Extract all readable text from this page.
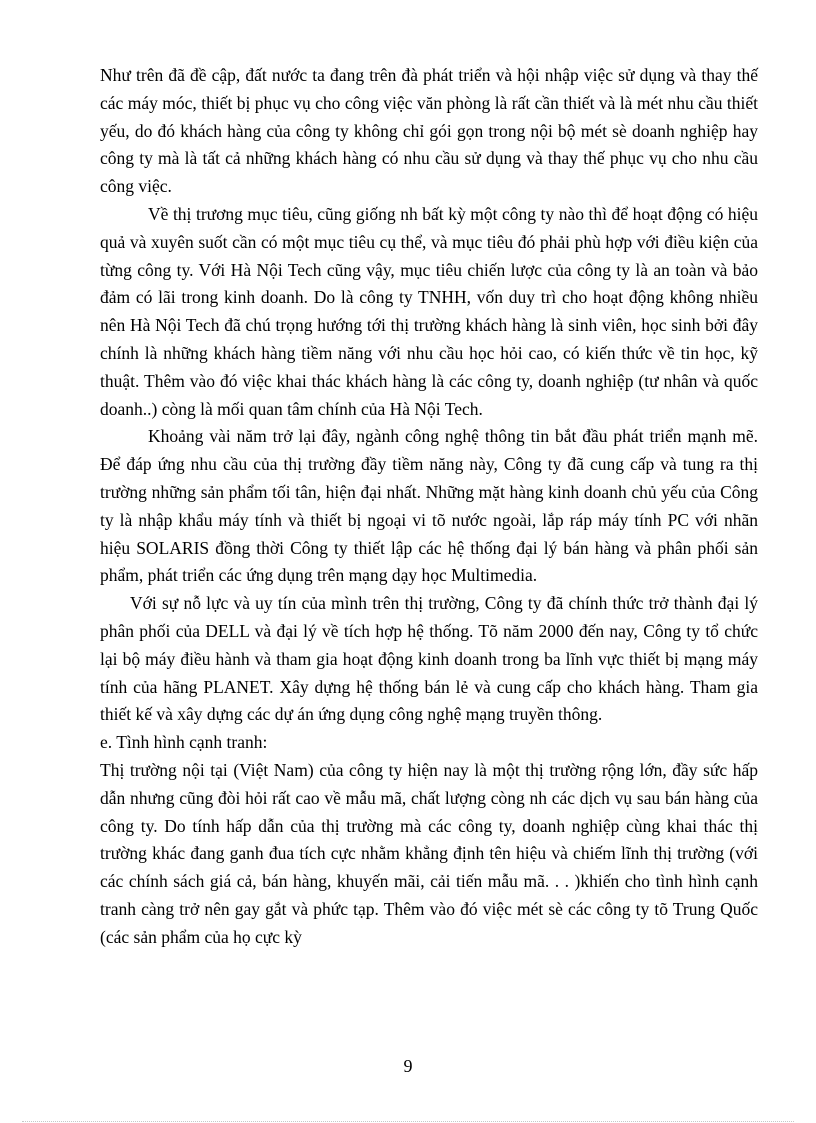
Như trên đã đề cập, đất nước ta đang trên đà phát triển và hội nhập việc sử dụng và thay thế các máy móc, thiết bị phục vụ cho công việc văn phòng là rất cần thiết và là mét nhu cầu thiết yếu, do đó khách hàng của công ty không chỉ gói gọn trong nội bộ mét sè doanh nghiệp hay công ty mà là tất cả những khách hàng có nhu cầu sử dụng và thay thế phục vụ cho nhu cầu công việc.

Về thị trương mục tiêu, cũng giống nh bất kỳ một công ty nào thì để hoạt động có hiệu quả và xuyên suốt cần có một mục tiêu cụ thể, và mục tiêu đó phải phù hợp với điều kiện của từng công ty. Với Hà Nội Tech cũng vậy, mục tiêu chiến lược của công ty là an toàn và bảo đảm có lãi trong kinh doanh. Do là công ty TNHH, vốn duy trì cho hoạt động không nhiều nên Hà Nội Tech đã chú trọng hướng tới thị trường khách hàng là sinh viên, học sinh bởi đây chính là những khách hàng tiềm năng với nhu cầu học hỏi cao, có kiến thức về tin học, kỹ thuật. Thêm vào đó việc khai thác khách hàng là các công ty, doanh nghiệp (tư nhân và quốc doanh..) còng là mối quan tâm chính của Hà Nội Tech.

Khoảng vài năm trở lại đây, ngành công nghệ thông tin bắt đầu phát triển mạnh mẽ. Để đáp ứng nhu cầu của thị trường đầy tiềm năng này, Công ty đã cung cấp và tung ra thị trường những sản phẩm tối tân, hiện đại nhất. Những mặt hàng kinh doanh chủ yếu của Công ty là nhập khẩu máy tính và thiết bị ngoại vi tõ nước ngoài, lắp ráp máy tính PC với nhãn hiệu SOLARIS đồng thời Công ty thiết lập các hệ thống đại lý bán hàng và phân phối sản phẩm, phát triển các ứng dụng trên mạng dạy học Multimedia.

Với sự nỗ lực và uy tín của mình trên thị trường, Công ty đã chính thức trở thành đại lý phân phối của DELL và đại lý về tích hợp hệ thống. Tõ năm 2000 đến nay, Công ty tổ chức lại bộ máy điều hành và tham gia hoạt động kinh doanh trong ba lĩnh vực thiết bị mạng máy tính của hãng PLANET. Xây dựng hệ thống bán lẻ và cung cấp cho khách hàng. Tham gia thiết kế và xây dựng các dự án ứng dụng công nghệ mạng truyền thông.

e. Tình hình cạnh tranh:

Thị trường nội tại (Việt Nam) của công ty hiện nay là một thị trường rộng lớn, đầy sức hấp dẫn nhưng cũng đòi hỏi rất cao về mẫu mã, chất lượng còng nh các dịch vụ sau bán hàng của công ty. Do tính hấp dẫn của thị trường mà các công ty, doanh nghiệp cùng khai thác thị trường khác đang ganh đua tích cực nhằm khẳng định tên hiệu và chiếm lĩnh thị trường (với các chính sách giá cả, bán hàng, khuyến mãi, cải tiến mẫu mã. . . )khiến cho tình hình cạnh tranh càng trở nên gay gắt và phức tạp. Thêm vào đó việc mét sè các công ty tõ Trung Quốc (các sản phẩm của họ cực kỳ

9
